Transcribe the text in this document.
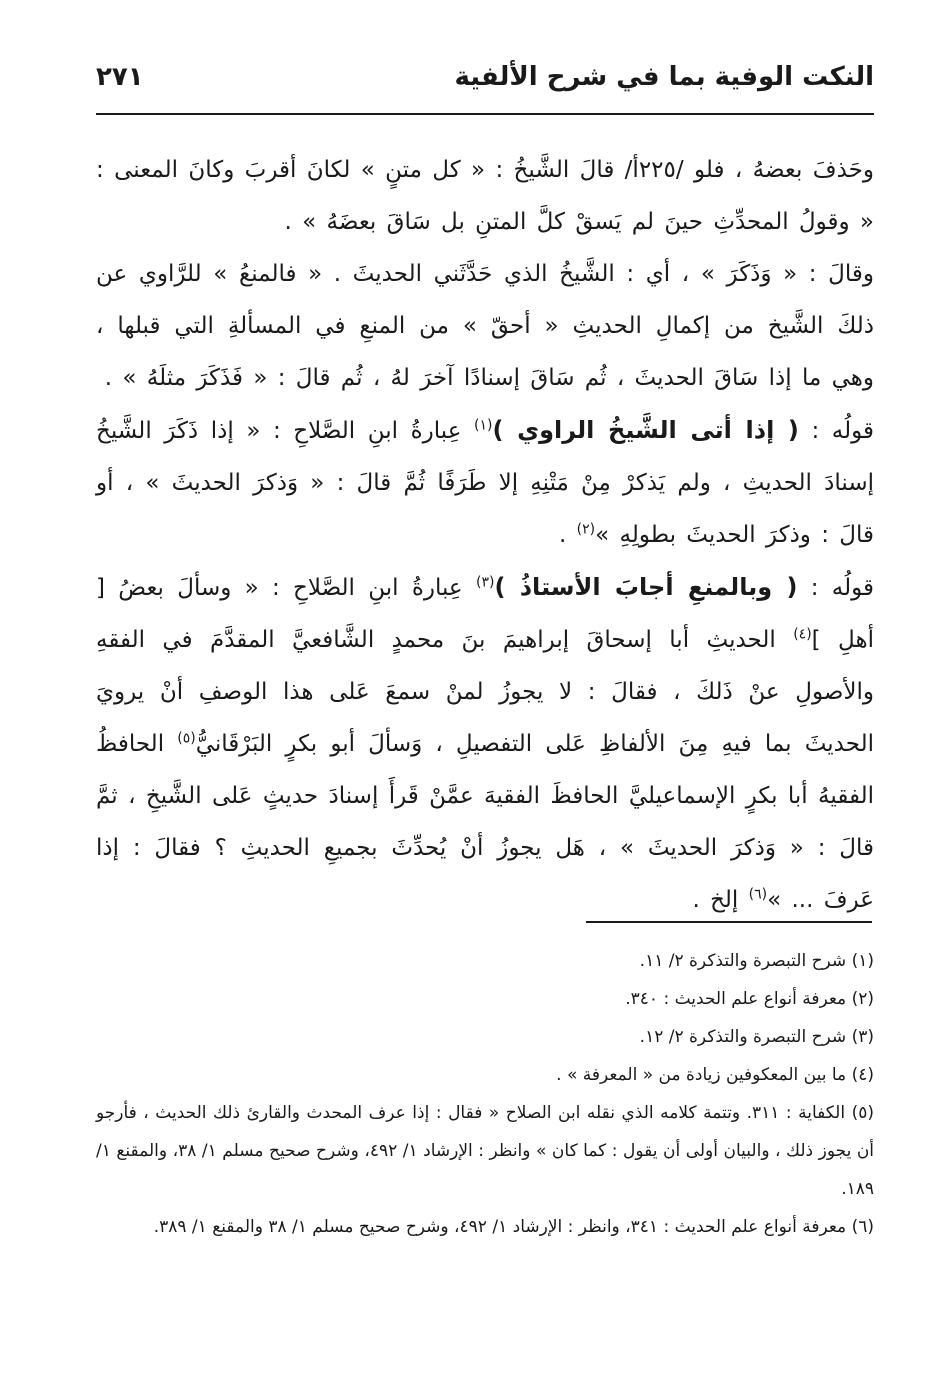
النكت الوفية بما في شرح الألفية
٢٧١

وحَذفَ بعضهُ ، فلو /٢٢٥أ/ قالَ الشَّيخُ : « كل متنٍ » لكانَ أقربَ وكانَ المعنى : « وقولُ المحدِّثِ حينَ لم يَسقْ كلَّ المتنِ بل سَاقَ بعضَهُ » .

وقالَ : « وَذَكَرَ » ، أي : الشَّيخُ الذي حَدَّثَني الحديثَ . « فالمنعُ » للرَّاوي عن ذلكَ الشَّيخ من إكمالِ الحديثِ « أحقّ » من المنعِ في المسألةِ التي قبلها ، وهي ما إذا سَاقَ الحديثَ ، ثُم سَاقَ إسنادًا آخرَ لهُ ، ثُم قالَ : « فَذَكَرَ مثلَهُ » .

قولُه : ( إذا أتى الشَّيخُ الراوي )$^{(١)}$ عِبارةُ ابنِ الصَّلاحِ : « إذا ذَكَرَ الشَّيخُ إسنادَ الحديثِ ، ولم يَذكرْ مِنْ مَتْنِهِ إلا طَرَفًا ثُمَّ قالَ : « وَذكرَ الحديثَ » ، أو قالَ : وذكرَ الحديثَ بطولِهِ »$^{(٢)}$ .

قولُه : ( وبالمنعِ أجابَ الأستاذُ )$^{(٣)}$ عِبارةُ ابنِ الصَّلاحِ : « وسألَ بعضُ [ أهلِ ]$^{(٤)}$ الحديثِ أبا إسحاقَ إبراهيمَ بنَ محمدٍ الشَّافعيَّ المقدَّمَ في الفقهِ والأصولِ عنْ ذَلكَ ، فقالَ : لا يجوزُ لمنْ سمعَ عَلى هذا الوصفِ أنْ يرويَ الحديثَ بما فيهِ مِنَ الألفاظِ عَلى التفصيلِ ، وَسألَ أبو بكرٍ البَرْقَانيُّ$^{(٥)}$ الحافظُ الفقيهُ أبا بكرٍ الإسماعيليَّ الحافظَ الفقيهَ عمَّنْ قَرأَ إسنادَ حديثٍ عَلى الشَّيخِ ، ثمَّ قالَ : « وَذكرَ الحديثَ » ، هَل يجوزُ أنْ يُحدِّثَ بجميعِ الحديثِ ؟ فقالَ : إذا عَرفَ ... »$^{(٦)}$ إلخ .

(١) شرح التبصرة والتذكرة ٢/ ١١.

(٢) معرفة أنواع علم الحديث : ٣٤٠.

(٣) شرح التبصرة والتذكرة ٢/ ١٢.

(٤) ما بين المعكوفين زيادة من « المعرفة » .

(٥) الكفاية : ٣١١. وتتمة كلامه الذي نقله ابن الصلاح « فقال : إذا عرف المحدث والقارئ ذلك الحديث ، فأرجو أن يجوز ذلك ، والبيان أولى أن يقول : كما كان » وانظر : الإرشاد ١/ ٤٩٢، وشرح صحيح مسلم ١/ ٣٨، والمقنع ١/ ١٨٩.

(٦) معرفة أنواع علم الحديث : ٣٤١، وانظر : الإرشاد ١/ ٤٩٢، وشرح صحيح مسلم ١/ ٣٨ والمقنع ١/ ٣٨٩.
